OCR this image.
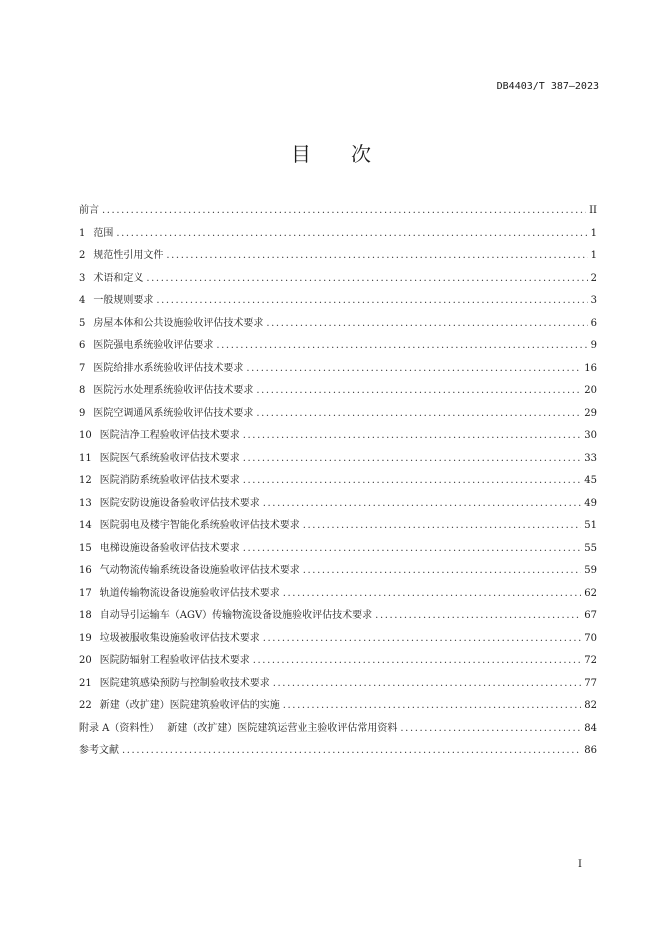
DB4403/T 387—2023
目 次
前言 .....	II
1 范围 .....	1
2 规范性引用文件 .....	1
3 术语和定义 .....	2
4 一般规则要求 .....	3
5 房屋本体和公共设施验收评估技术要求 .....	6
6 医院强电系统验收评估要求 .....	9
7 医院给排水系统验收评估技术要求 .....	16
8 医院污水处理系统验收评估技术要求 .....	20
9 医院空调通风系统验收评估技术要求 .....	29
10 医院洁净工程验收评估技术要求 .....	30
11 医院医气系统验收评估技术要求 .....	33
12 医院消防系统验收评估技术要求 .....	45
13 医院安防设施设备验收评估技术要求 .....	49
14 医院弱电及楼宇智能化系统验收评估技术要求 .....	51
15 电梯设施设备验收评估技术要求 .....	55
16 气动物流传输系统设备设施验收评估技术要求 .....	59
17 轨道传输物流设备设施验收评估技术要求 .....	62
18 自动导引运输车（AGV）传输物流设备设施验收评估技术要求 .....	67
19 垃圾被服收集设施验收评估技术要求 .....	70
20 医院防辐射工程验收评估技术要求 .....	72
21 医院建筑感染预防与控制验收技术要求 .....	77
22 新建（改扩建）医院建筑验收评估的实施 .....	82
附录 A（资料性） 新建（改扩建）医院建筑运营业主验收评估常用资料 .....	84
参考文献 .....	86
I
